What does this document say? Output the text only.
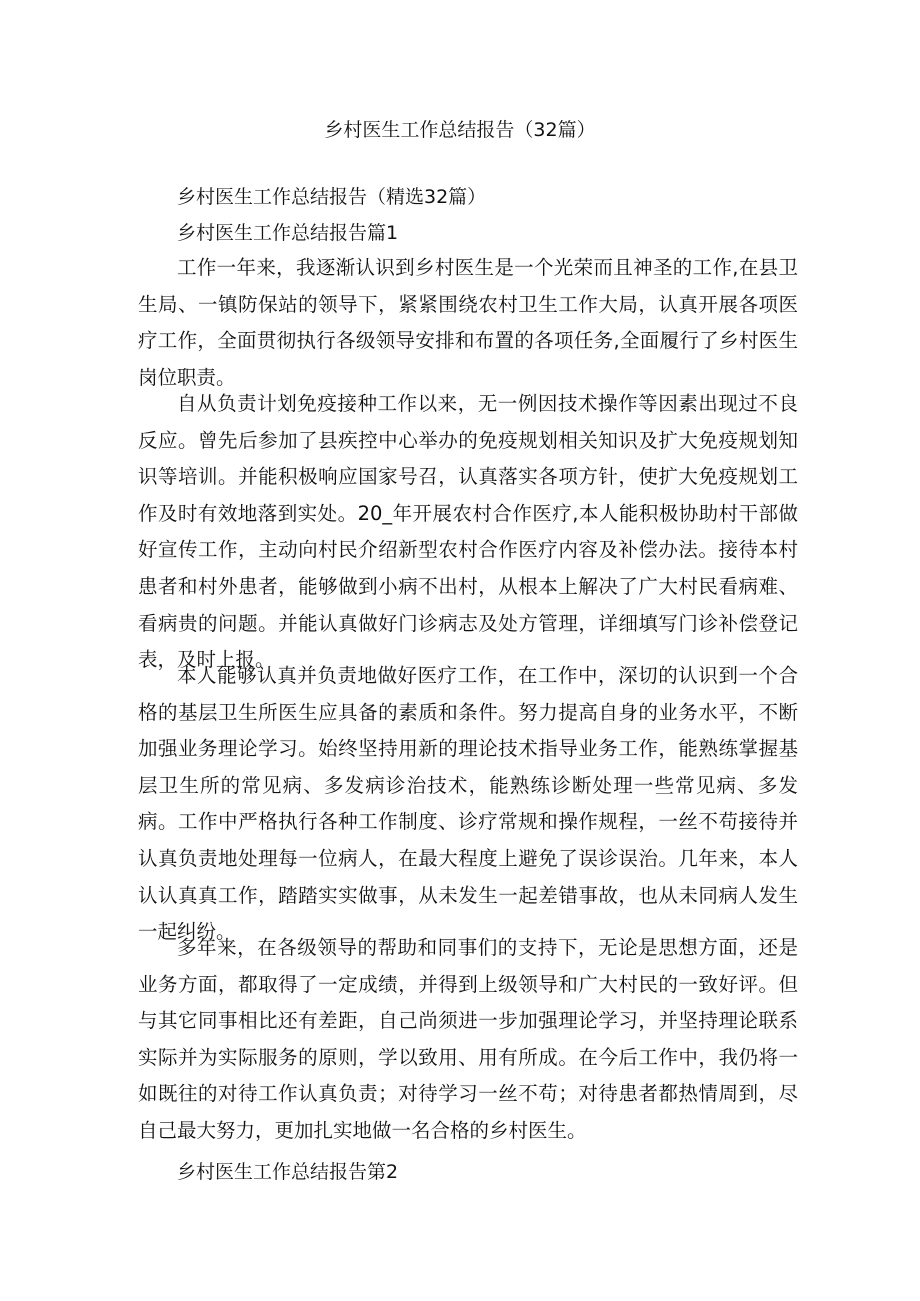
乡村医生工作总结报告（32篇）
乡村医生工作总结报告（精选32篇）
乡村医生工作总结报告篇1

工作一年来，我逐渐认识到乡村医生是一个光荣而且神圣的工作,在县卫生局、一镇防保站的领导下，紧紧围绕农村卫生工作大局，认真开展各项医疗工作，全面贯彻执行各级领导安排和布置的各项任务,全面履行了乡村医生岗位职责。

自从负责计划免疫接种工作以来，无一例因技术操作等因素出现过不良反应。曾先后参加了县疾控中心举办的免疫规划相关知识及扩大免疫规划知识等培训。并能积极响应国家号召，认真落实各项方针，使扩大免疫规划工作及时有效地落到实处。20_年开展农村合作医疗,本人能积极协助村干部做好宣传工作，主动向村民介绍新型农村合作医疗内容及补偿办法。接待本村患者和村外患者，能够做到小病不出村，从根本上解决了广大村民看病难、看病贵的问题。并能认真做好门诊病志及处方管理，详细填写门诊补偿登记表，及时上报。

本人能够认真并负责地做好医疗工作，在工作中，深切的认识到一个合格的基层卫生所医生应具备的素质和条件。努力提高自身的业务水平，不断加强业务理论学习。始终坚持用新的理论技术指导业务工作，能熟练掌握基层卫生所的常见病、多发病诊治技术，能熟练诊断处理一些常见病、多发病。工作中严格执行各种工作制度、诊疗常规和操作规程，一丝不苟接待并认真负责地处理每一位病人，在最大程度上避免了误诊误治。几年来，本人认认真真工作，踏踏实实做事，从未发生一起差错事故，也从未同病人发生一起纠纷。

多年来，在各级领导的帮助和同事们的支持下，无论是思想方面，还是业务方面，都取得了一定成绩，并得到上级领导和广大村民的一致好评。但与其它同事相比还有差距，自己尚须进一步加强理论学习，并坚持理论联系实际并为实际服务的原则，学以致用、用有所成。在今后工作中，我仍将一如既往的对待工作认真负责；对待学习一丝不苟；对待患者都热情周到，尽自己最大努力，更加扎实地做一名合格的乡村医生。

乡村医生工作总结报告第2
